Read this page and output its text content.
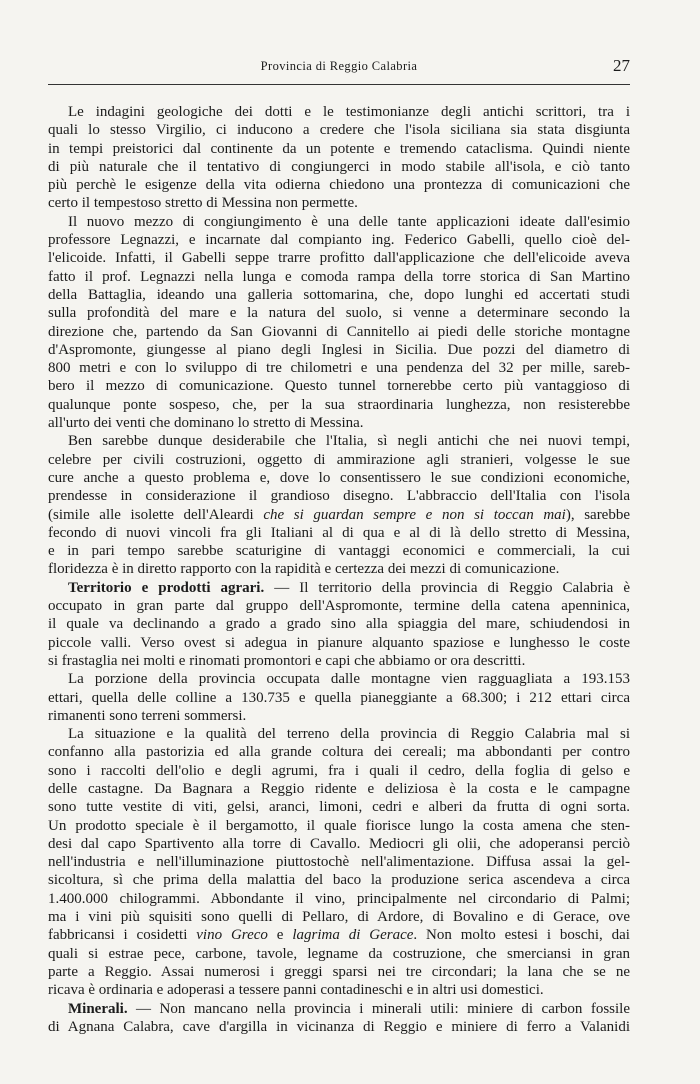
Provincia di Reggio Calabria	27
Le indagini geologiche dei dotti e le testimonianze degli antichi scrittori, tra i
quali lo stesso Virgilio, ci inducono a credere che l'isola siciliana sia stata disgiunta
in tempi preistorici dal continente da un potente e tremendo cataclisma. Quindi niente
di più naturale che il tentativo di congiungerci in modo stabile all'isola, e ciò tanto
più perchè le esigenze della vita odierna chiedono una prontezza di comunicazioni che
certo il tempestoso stretto di Messina non permette.
Il nuovo mezzo di congiungimento è una delle tante applicazioni ideate dall'esimio
professore Legnazzi, e incarnate dal compianto ing. Federico Gabelli, quello cioè del-
l'elicoide. Infatti, il Gabelli seppe trarre profitto dall'applicazione che dell'elicoide aveva
fatto il prof. Legnazzi nella lunga e comoda rampa della torre storica di San Martino
della Battaglia, ideando una galleria sottomarina, che, dopo lunghi ed accertati studi
sulla profondità del mare e la natura del suolo, si venne a determinare secondo la
direzione che, partendo da San Giovanni di Cannitello ai piedi delle storiche montagne
d'Aspromonte, giungesse al piano degli Inglesi in Sicilia. Due pozzi del diametro di
800 metri e con lo sviluppo di tre chilometri e una pendenza del 32 per mille, sareb-
bero il mezzo di comunicazione. Questo tunnel tornerebbe certo più vantaggioso di
qualunque ponte sospeso, che, per la sua straordinaria lunghezza, non resisterebbe
all'urto dei venti che dominano lo stretto di Messina.
Ben sarebbe dunque desiderabile che l'Italia, sì negli antichi che nei nuovi tempi,
celebre per civili costruzioni, oggetto di ammirazione agli stranieri, volgesse le sue
cure anche a questo problema e, dove lo consentissero le sue condizioni economiche,
prendesse in considerazione il grandioso disegno. L'abbraccio dell'Italia con l'isola
(simile alle isolette dell'Aleardi che si guardan sempre e non si toccan mai), sarebbe
fecondo di nuovi vincoli fra gli Italiani al di qua e al di là dello stretto di Messina,
e in pari tempo sarebbe scaturigine di vantaggi economici e commerciali, la cui
floridezza è in diretto rapporto con la rapidità e certezza dei mezzi di comunicazione.
Territorio e prodotti agrari. — Il territorio della provincia di Reggio Calabria è
occupato in gran parte dal gruppo dell'Aspromonte, termine della catena apenninica,
il quale va declinando a grado a grado sino alla spiaggia del mare, schiudendosi in
piccole valli. Verso ovest si adegua in pianure alquanto spaziose e lunghesso le coste
si frastaglia nei molti e rinomati promontori e capi che abbiamo or ora descritti.
La porzione della provincia occupata dalle montagne vien ragguagliata a 193.153
ettari, quella delle colline a 130.735 e quella pianeggiante a 68.300; i 212 ettari circa
rimanenti sono terreni sommersi.
La situazione e la qualità del terreno della provincia di Reggio Calabria mal si
confanno alla pastorizia ed alla grande coltura dei cereali; ma abbondanti per contro
sono i raccolti dell'olio e degli agrumi, fra i quali il cedro, della foglia di gelso e
delle castagne. Da Bagnara a Reggio ridente e deliziosa è la costa e le campagne
sono tutte vestite di viti, gelsi, aranci, limoni, cedri e alberi da frutta di ogni sorta.
Un prodotto speciale è il bergamotto, il quale fiorisce lungo la costa amena che sten-
desi dal capo Spartivento alla torre di Cavallo. Mediocri gli olii, che adoperansi perciò
nell'industria e nell'illuminazione piuttostochè nell'alimentazione. Diffusa assai la gel-
sicoltura, sì che prima della malattia del baco la produzione serica ascendeva a circa
1.400.000 chilogrammi. Abbondante il vino, principalmente nel circondario di Palmi;
ma i vini più squisiti sono quelli di Pellaro, di Ardore, di Bovalino e di Gerace, ove
fabbricansi i cosidetti vino Greco e lagrima di Gerace. Non molto estesi i boschi, dai
quali si estrae pece, carbone, tavole, legname da costruzione, che smerciansi in gran
parte a Reggio. Assai numerosi i greggi sparsi nei tre circondari; la lana che se ne
ricava è ordinaria e adoperasi a tessere panni contadineschi e in altri usi domestici.
Minerali. — Non mancano nella provincia i minerali utili: miniere di carbon fossile
di Agnana Calabra, cave d'argilla in vicinanza di Reggio e miniere di ferro a Valanidi
